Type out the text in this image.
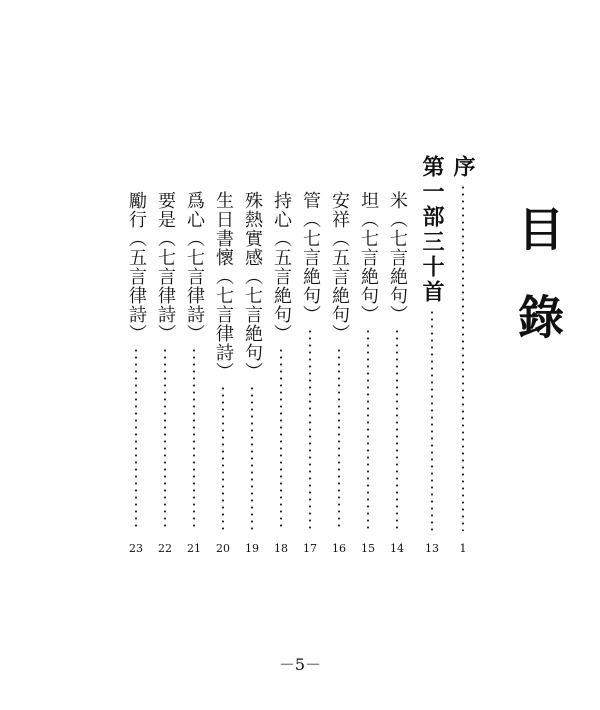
目錄
序
第一部三十首
米（七言絶句）
坦（七言絶句）
安祥（五言絶句）
管（七言絶句）
持心（五言絶句）
殊熱實感（七言絶句）
生日書懷（七言律詩）
爲心（七言律詩）
要是（七言律詩）
勵行（五言律詩）
1
13
14
15
16
17
18
19
20
21
22
23
－5－
